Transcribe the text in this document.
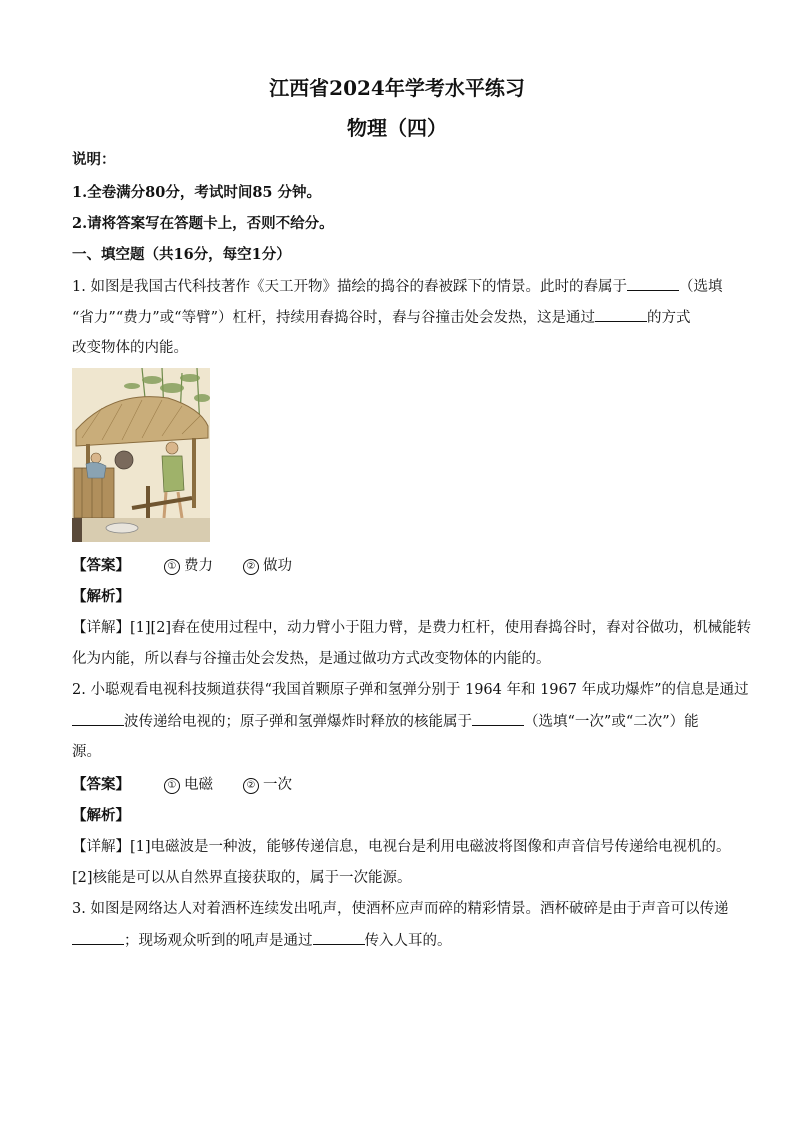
江西省2024年学考水平练习
物理（四）
说明：
1.全卷满分80分，考试时间85 分钟。
2.请将答案写在答题卡上，否则不给分。
一、填空题（共16分，每空1分）
1. 如图是我国古代科技著作《天工开物》描绘的捣谷的舂被踩下的情景。此时的舂属于	（选填
“省力”“费力”或“等臂”）杠杆，持续用舂捣谷时，舂与谷撞击处会发热，这是通过	的方式
改变物体的内能。
【答案】	① 费力	② 做功
【解析】
【详解】[1][2]舂在使用过程中，动力臂小于阻力臂，是费力杠杆，使用舂捣谷时，舂对谷做功，机械能转
化为内能，所以舂与谷撞击处会发热，是通过做功方式改变物体的内能的。
2. 小聪观看电视科技频道获得“我国首颗原子弹和氢弹分别于 1964 年和 1967 年成功爆炸”的信息是通过
波传递给电视的；原子弹和氢弹爆炸时释放的核能属于	（选填“一次”或“二次”）能
源。
【答案】	① 电磁	② 一次
【解析】
【详解】[1]电磁波是一种波，能够传递信息，电视台是利用电磁波将图像和声音信号传递给电视机的。
[2]核能是可以从自然界直接获取的，属于一次能源。
3. 如图是网络达人对着酒杯连续发出吼声，使酒杯应声而碎的精彩情景。酒杯破碎是由于声音可以传递
；现场观众听到的吼声是通过	传入人耳的。
